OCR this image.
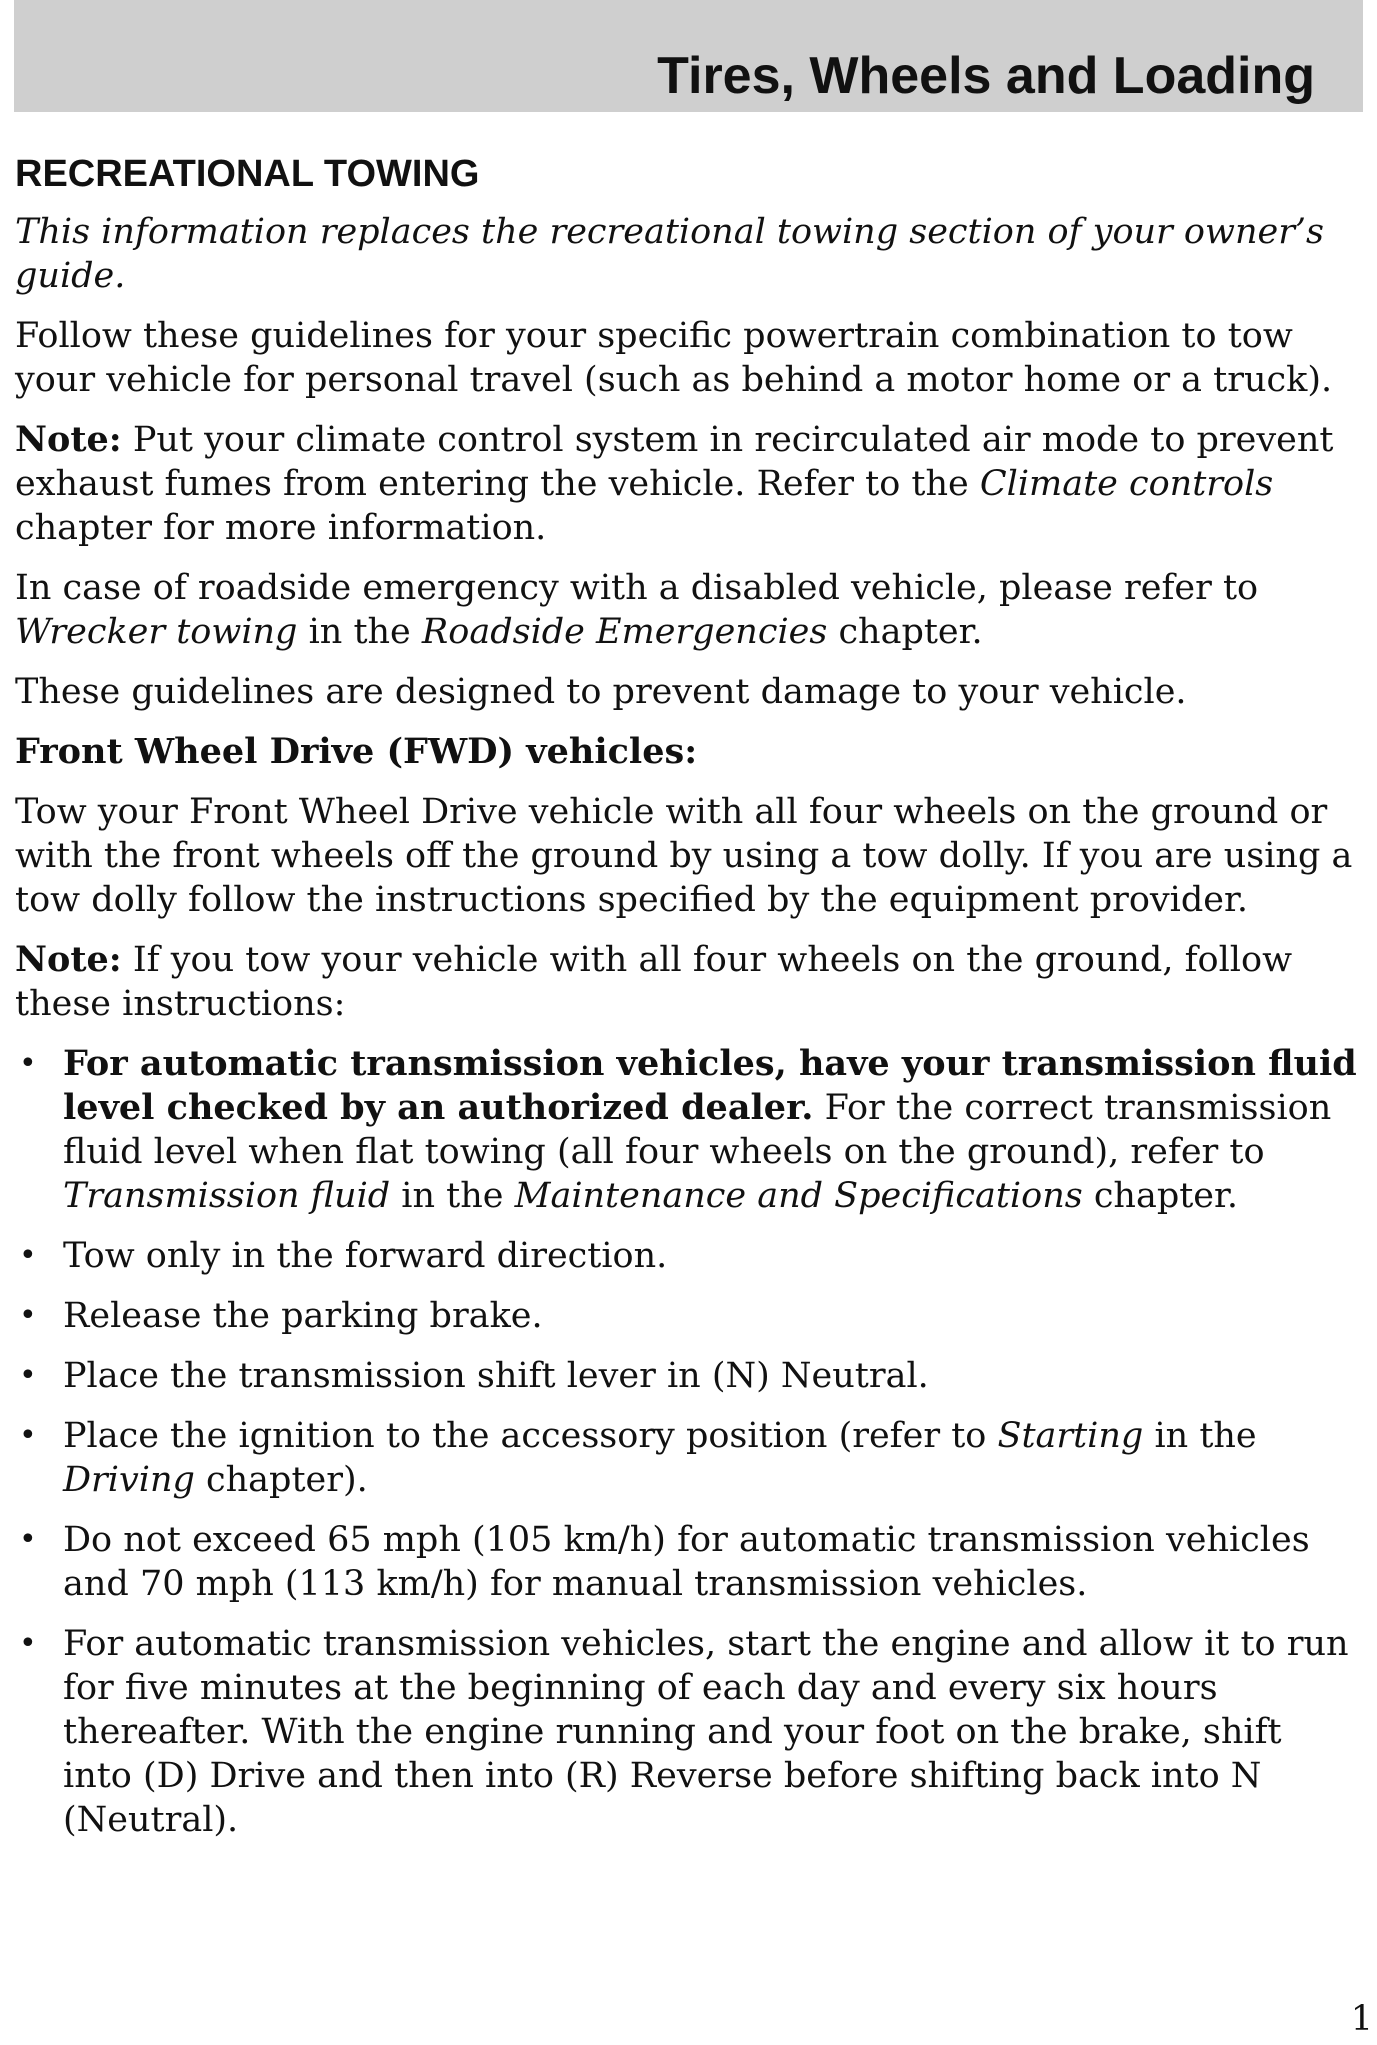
Tires, Wheels and Loading
RECREATIONAL TOWING

This information replaces the recreational towing section of your owner’s guide.

Follow these guidelines for your specific powertrain combination to tow your vehicle for personal travel (such as behind a motor home or a truck).

Note: Put your climate control system in recirculated air mode to prevent exhaust fumes from entering the vehicle. Refer to the Climate controls chapter for more information.

In case of roadside emergency with a disabled vehicle, please refer to Wrecker towing in the Roadside Emergencies chapter.

These guidelines are designed to prevent damage to your vehicle.

Front Wheel Drive (FWD) vehicles:

Tow your Front Wheel Drive vehicle with all four wheels on the ground or with the front wheels off the ground by using a tow dolly. If you are using a tow dolly follow the instructions specified by the equipment provider.

Note: If you tow your vehicle with all four wheels on the ground, follow these instructions:

• For automatic transmission vehicles, have your transmission fluid level checked by an authorized dealer. For the correct transmission fluid level when flat towing (all four wheels on the ground), refer to Transmission fluid in the Maintenance and Specifications chapter.
• Tow only in the forward direction.
• Release the parking brake.
• Place the transmission shift lever in (N) Neutral.
• Place the ignition to the accessory position (refer to Starting in the Driving chapter).
• Do not exceed 65 mph (105 km/h) for automatic transmission vehicles and 70 mph (113 km/h) for manual transmission vehicles.
• For automatic transmission vehicles, start the engine and allow it to run for five minutes at the beginning of each day and every six hours thereafter. With the engine running and your foot on the brake, shift into (D) Drive and then into (R) Reverse before shifting back into N (Neutral).
1
